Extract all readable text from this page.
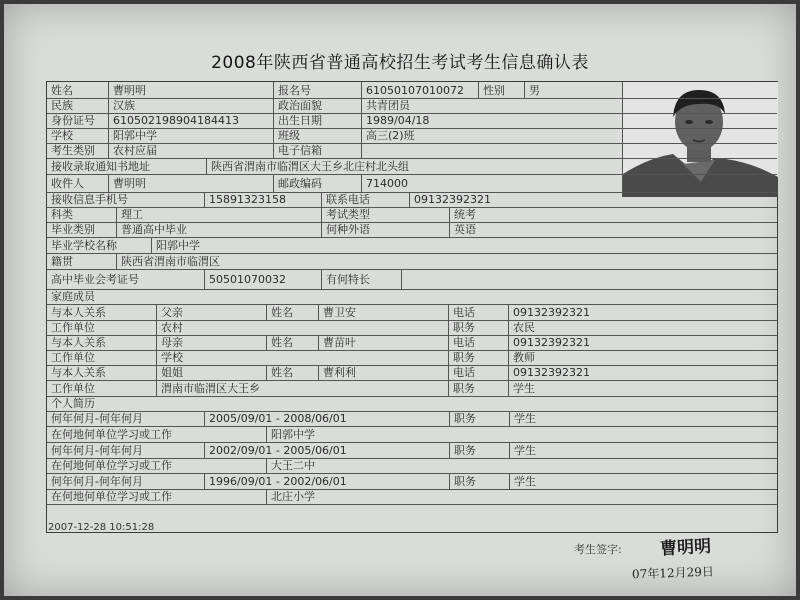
2008年陕西省普通高校招生考试考生信息确认表
姓名	曹明明	报名号	61050107010072	性别	男
民族	汉族	政治面貌	共青团员
身份证号	610502198904184413	出生日期	1989/04/18
学校	阳郭中学	班级	高三(2)班
考生类别	农村应届	电子信箱
接收录取通知书地址	陕西省渭南市临渭区大王乡北庄村北头组
收件人	曹明明	邮政编码	714000
接收信息手机号	15891323158	联系电话	09132392321
科类	理工	考试类型	统考
毕业类别	普通高中毕业	何种外语	英语
毕业学校名称	阳郭中学
籍贯	陕西省渭南市临渭区
高中毕业会考证号	50501070032	有何特长
家庭成员
与本人关系	父亲	姓名	曹卫安	电话	09132392321
工作单位	农村	职务	农民
与本人关系	母亲	姓名	曹苗叶	电话	09132392321
工作单位	学校	职务	教师
与本人关系	姐姐	姓名	曹利利	电话	09132392321
工作单位	渭南市临渭区大王乡	职务	学生
个人简历
何年何月-何年何月	2005/09/01 - 2008/06/01	职务	学生
在何地何单位学习或工作	阳郭中学
何年何月-何年何月	2002/09/01 - 2005/06/01	职务	学生
在何地何单位学习或工作	大王二中
何年何月-何年何月	1996/09/01 - 2002/06/01	职务	学生
在何地何单位学习或工作	北庄小学
2007-12-28 10:51:28
考生签字: 曹明明
07年12月29日
